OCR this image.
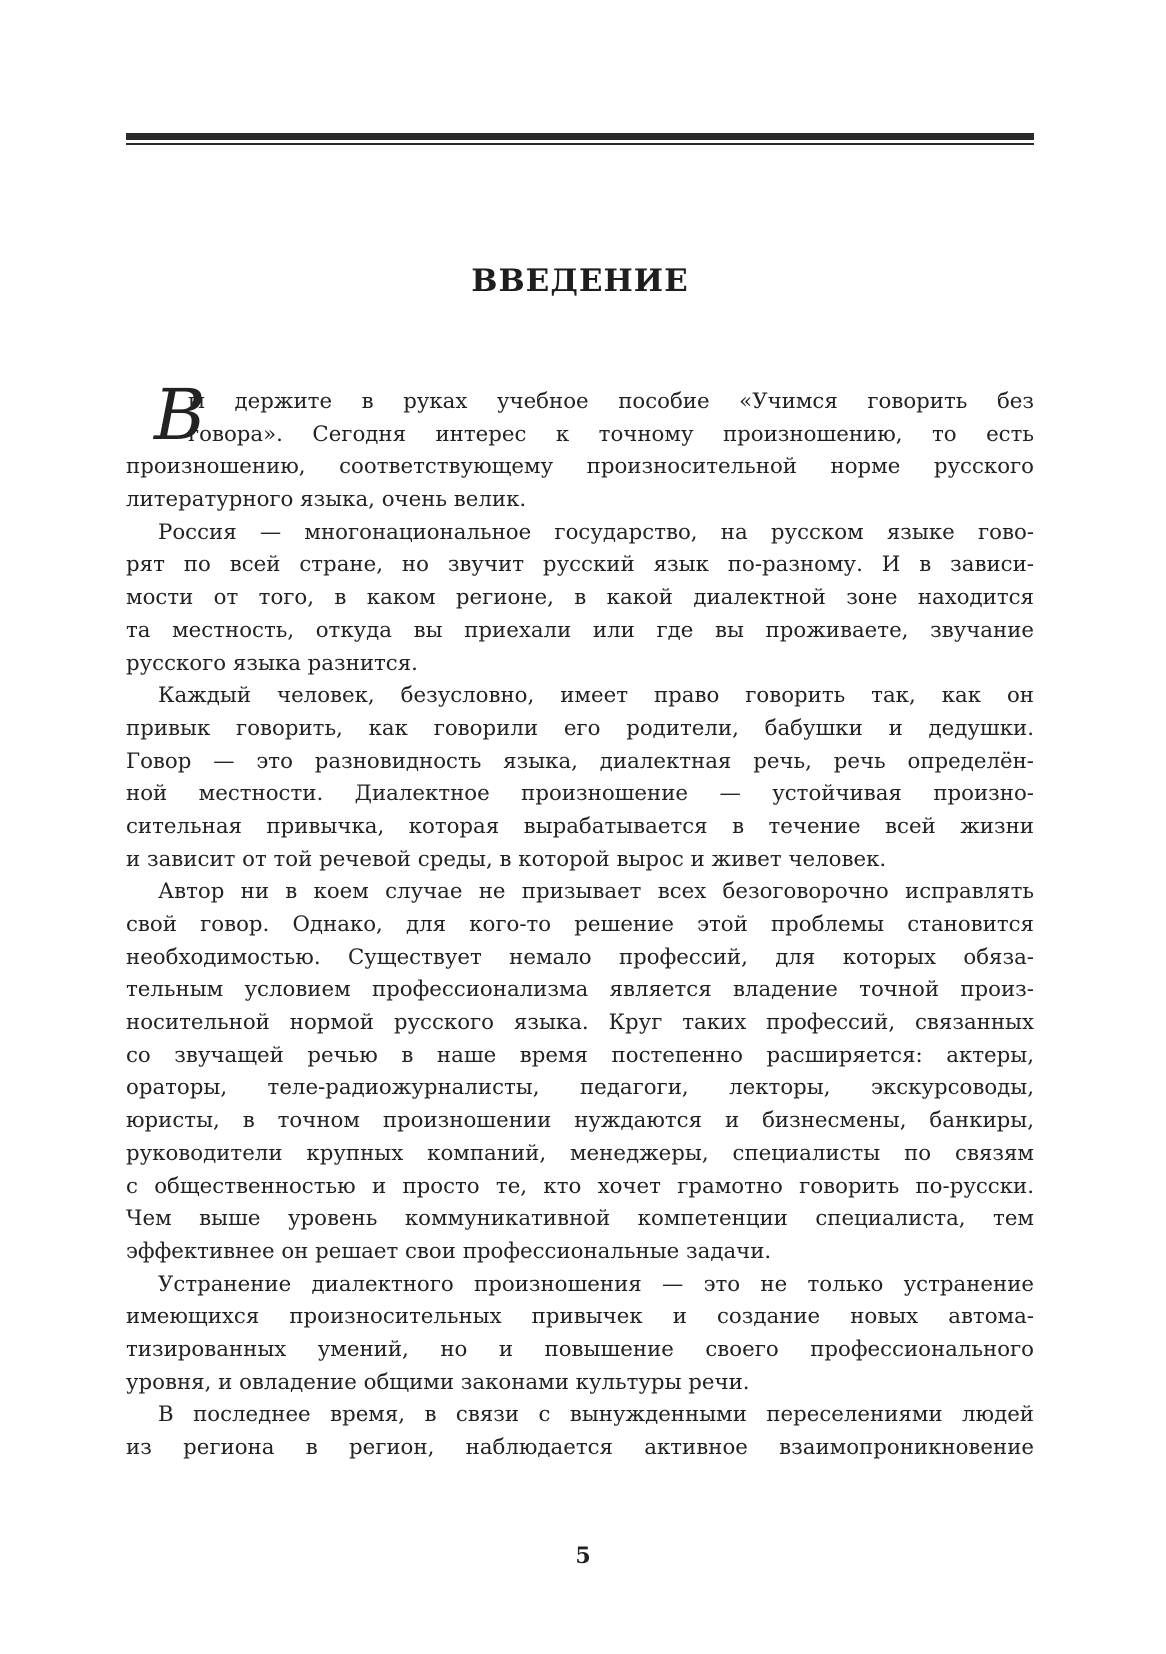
ВВЕДЕНИЕ
В
ы держите в руках учебное пособие «Учимся говорить без
говора». Сегодня интерес к точному произношению, то есть
произношению, соответствующему произносительной норме русского
литературного языка, очень велик.
Россия — многонациональное государство, на русском языке гово-
рят по всей стране, но звучит русский язык по-разному. И в зависи-
мости от того, в каком регионе, в какой диалектной зоне находится
та местность, откуда вы приехали или где вы проживаете, звучание
русского языка разнится.
Каждый человек, безусловно, имеет право говорить так, как он
привык говорить, как говорили его родители, бабушки и дедушки.
Говор — это разновидность языка, диалектная речь, речь определён-
ной местности. Диалектное произношение — устойчивая произно-
сительная привычка, которая вырабатывается в течение всей жизни
и зависит от той речевой среды, в которой вырос и живет человек.
Автор ни в коем случае не призывает всех безоговорочно исправлять
свой говор. Однако, для кого-то решение этой проблемы становится
необходимостью. Существует немало профессий, для которых обяза-
тельным условием профессионализма является владение точной произ-
носительной нормой русского языка. Круг таких профессий, связанных
со звучащей речью в наше время постепенно расширяется: актеры,
ораторы, теле-радиожурналисты, педагоги, лекторы, экскурсоводы,
юристы, в точном произношении нуждаются и бизнесмены, банкиры,
руководители крупных компаний, менеджеры, специалисты по связям
с общественностью и просто те, кто хочет грамотно говорить по-русски.
Чем выше уровень коммуникативной компетенции специалиста, тем
эффективнее он решает свои профессиональные задачи.
Устранение диалектного произношения — это не только устранение
имеющихся произносительных привычек и создание новых автома-
тизированных умений, но и повышение своего профессионального
уровня, и овладение общими законами культуры речи.
В последнее время, в связи с вынужденными переселениями людей
из региона в регион, наблюдается активное взаимопроникновение
5
